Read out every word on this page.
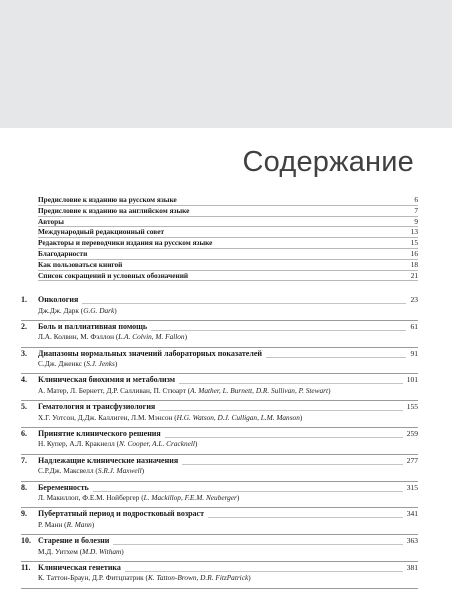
Содержание
Предисловие к изданию на русском языке	6
Предисловие к изданию на английском языке	7
Авторы	9
Международный редакционный совет	13
Редакторы и переводчики издания на русском языке	15
Благодарности	16
Как пользоваться книгой	18
Список сокращений и условных обозначений	21
1. Онкология	23
Дж.Дж. Дарк (G.G. Dark)
2. Боль и паллиативная помощь	61
Л.А. Колвин, М. Фэллон (L.A. Colvin, M. Fallon)
3. Диапазоны нормальных значений лабораторных показателей	91
С.Дж. Дженкс (S.J. Jenks)
4. Клиническая биохимия и метаболизм	101
А. Матер, Л. Бернетт, Д.Р. Салливан, П. Стюарт (A. Mather, L. Burnett, D.R. Sullivan, P. Stewart)
5. Гематология и трансфузиология	155
Х.Г. Уотсон, Д.Дж. Каллиген, Л.М. Мэнсон (H.G. Watson, D.J. Culligan, L.M. Manson)
6. Принятие клинического решения	259
Н. Купер, А.Л. Кракнелл (N. Cooper, A.L. Cracknell)
7. Надлежащие клинические назначения	277
С.Р.Дж. Максвелл (S.R.J. Maxwell)
8. Беременность	315
Л. Макиллоп, Ф.Е.М. Нойбергер (L. Mackillop, F.E.M. Neuberger)
9. Пубертатный период и подростковый возраст	341
Р. Манн (R. Mann)
10. Старение и болезни	363
М.Д. Уитхем (M.D. Witham)
11. Клиническая генетика	381
К. Таттон-Браун, Д.Р. Фитцпатрик (K. Tatton-Brown, D.R. FitzPatrick)
